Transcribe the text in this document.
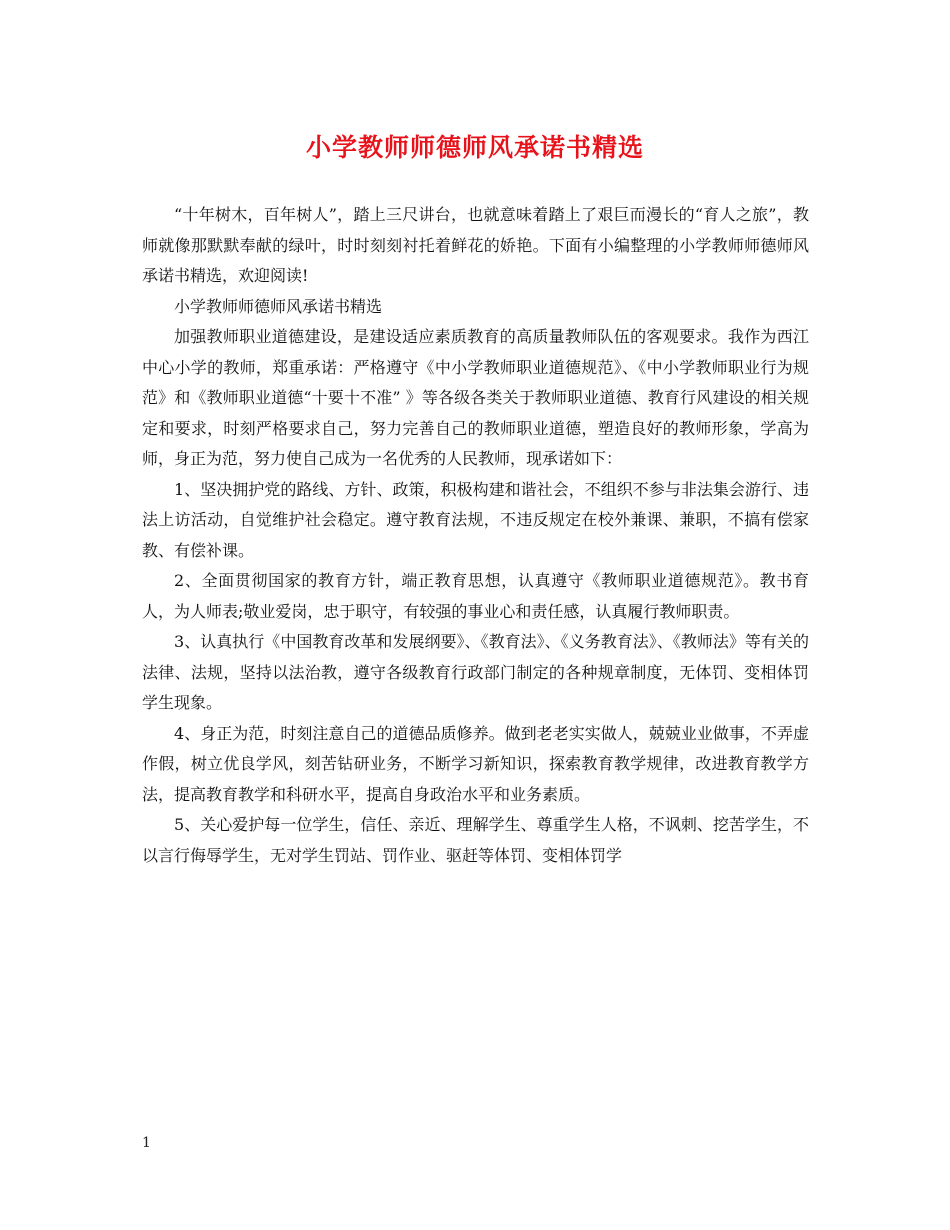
小学教师师德师风承诺书精选

“十年树木，百年树人”，踏上三尺讲台，也就意味着踏上了艰巨而漫长的“育人之旅”，教师就像那默默奉献的绿叶，时时刻刻衬托着鲜花的娇艳。下面有小编整理的小学教师师德师风承诺书精选，欢迎阅读!

小学教师师德师风承诺书精选

加强教师职业道德建设，是建设适应素质教育的高质量教师队伍的客观要求。我作为西江中心小学的教师，郑重承诺：严格遵守《中小学教师职业道德规范》、《中小学教师职业行为规范》和《教师职业道德“十要十不准” 》等各级各类关于教师职业道德、教育行风建设的相关规定和要求，时刻严格要求自己，努力完善自己的教师职业道德，塑造良好的教师形象，学高为师，身正为范，努力使自己成为一名优秀的人民教师，现承诺如下：

1、坚决拥护党的路线、方针、政策，积极构建和谐社会，不组织不参与非法集会游行、违法上访活动，自觉维护社会稳定。遵守教育法规，不违反规定在校外兼课、兼职，不搞有偿家教、有偿补课。

2、全面贯彻国家的教育方针，端正教育思想，认真遵守《教师职业道德规范》。教书育人，为人师表;敬业爱岗，忠于职守，有较强的事业心和责任感，认真履行教师职责。

3、认真执行《中国教育改革和发展纲要》、《教育法》、《义务教育法》、《教师法》等有关的法律、法规，坚持以法治教，遵守各级教育行政部门制定的各种规章制度，无体罚、变相体罚学生现象。

4、身正为范，时刻注意自己的道德品质修养。做到老老实实做人，兢兢业业做事，不弄虚作假，树立优良学风，刻苦钻研业务，不断学习新知识，探索教育教学规律，改进教育教学方法，提高教育教学和科研水平，提高自身政治水平和业务素质。

5、关心爱护每一位学生，信任、亲近、理解学生、尊重学生人格，不讽刺、挖苦学生，不以言行侮辱学生，无对学生罚站、罚作业、驱赶等体罚、变相体罚学

1
